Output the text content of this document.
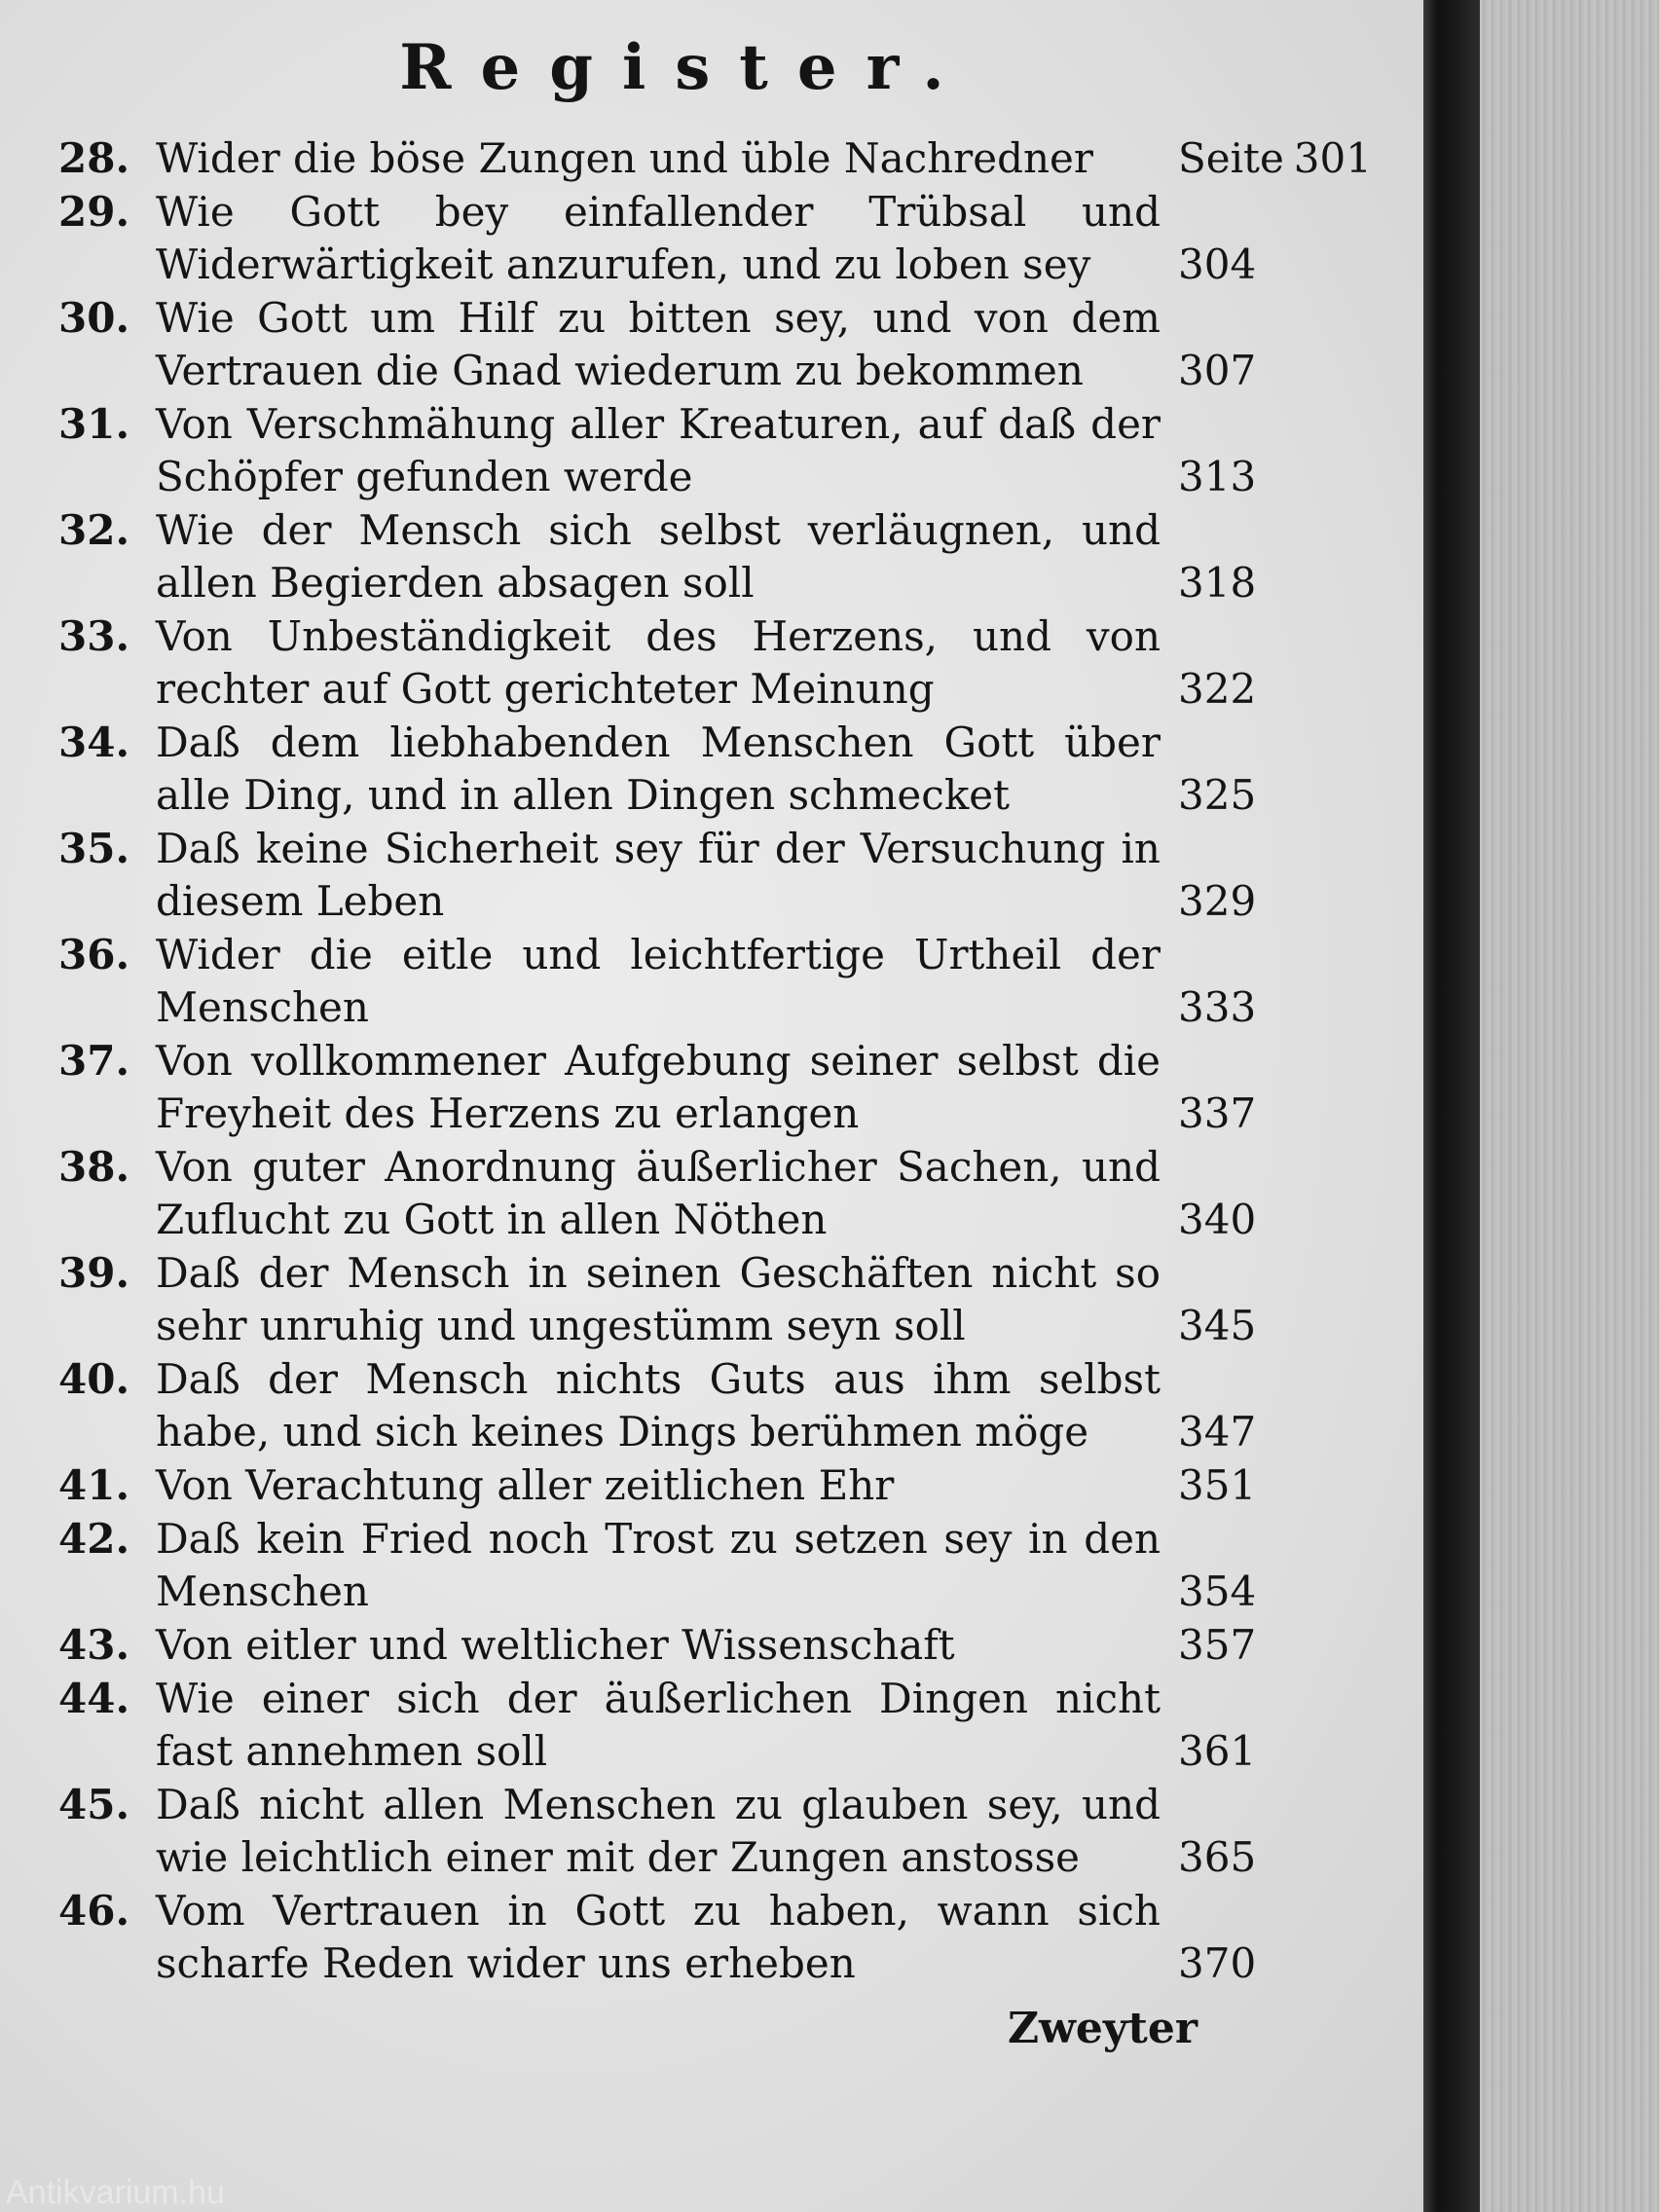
Register.
28. Wider die böse Zungen und üble Nachredner	Seite 301
29. Wie Gott bey einfallender Trübsal und Widerwärtigkeit anzurufen, und zu loben sey	304
30. Wie Gott um Hilf zu bitten sey, und von dem Vertrauen die Gnad wiederum zu bekommen	307
31. Von Verschmähung aller Kreaturen, auf daß der Schöpfer gefunden werde	313
32. Wie der Mensch sich selbst verläugnen, und allen Begierden absagen soll	318
33. Von Unbeständigkeit des Herzens, und von rechter auf Gott gerichteter Meinung	322
34. Daß dem liebhabenden Menschen Gott über alle Ding, und in allen Dingen schmecket	325
35. Daß keine Sicherheit sey für der Versuchung in diesem Leben	329
36. Wider die eitle und leichtfertige Urtheil der Menschen	333
37. Von vollkommener Aufgebung seiner selbst die Freyheit des Herzens zu erlangen	337
38. Von guter Anordnung äußerlicher Sachen, und Zuflucht zu Gott in allen Nöthen	340
39. Daß der Mensch in seinen Geschäften nicht so sehr unruhig und ungestümm seyn soll	345
40. Daß der Mensch nichts Guts aus ihm selbst habe, und sich keines Dings berühmen möge	347
41. Von Verachtung aller zeitlichen Ehr	351
42. Daß kein Fried noch Trost zu setzen sey in den Menschen	354
43. Von eitler und weltlicher Wissenschaft	357
44. Wie einer sich der äußerlichen Dingen nicht fast annehmen soll	361
45. Daß nicht allen Menschen zu glauben sey, und wie leichtlich einer mit der Zungen anstosse	365
46. Vom Vertrauen in Gott zu haben, wann sich scharfe Reden wider uns erheben	370
Zweyter
Antikvarium.hu
